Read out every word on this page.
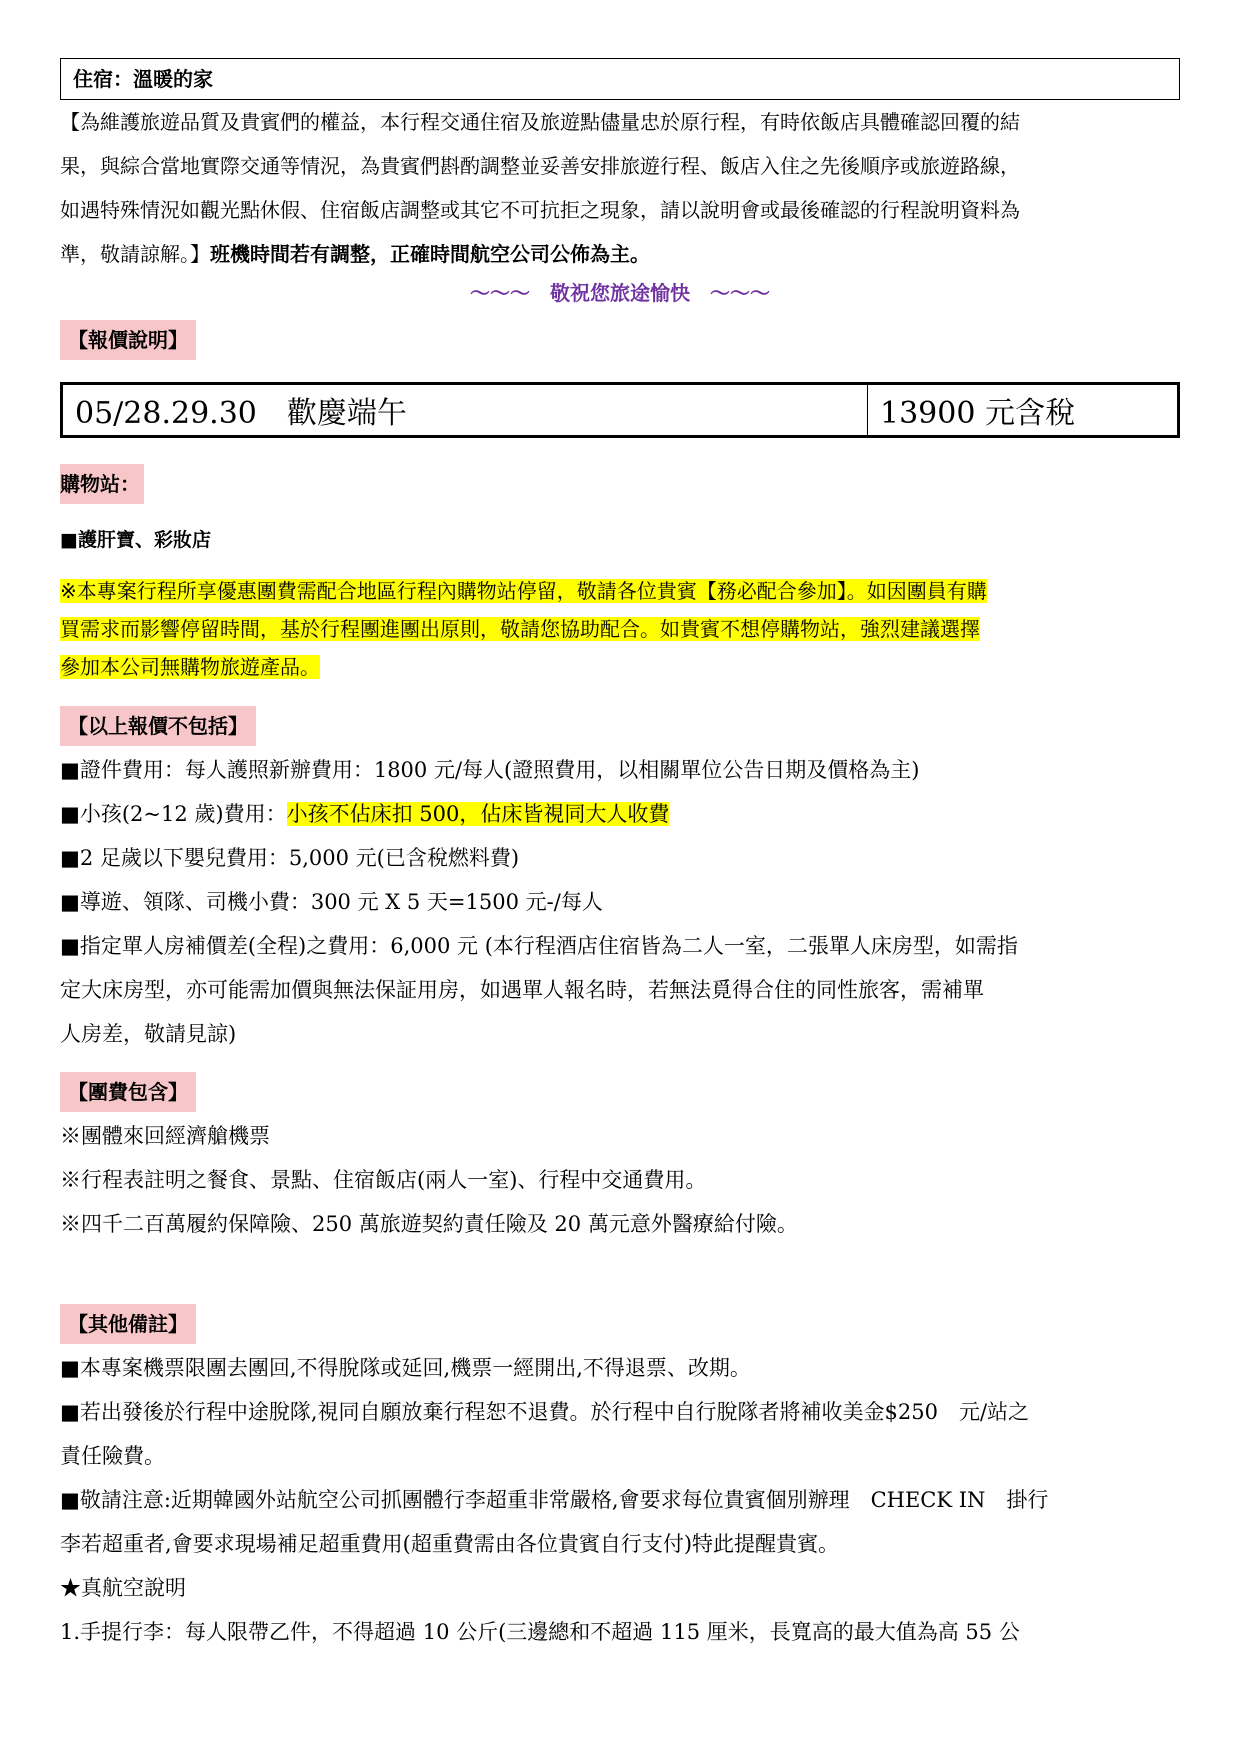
住宿：溫暖的家

【為維護旅遊品質及貴賓們的權益，本行程交通住宿及旅遊點儘量忠於原行程，有時依飯店具體確認回覆的結

果，與綜合當地實際交通等情況，為貴賓們斟酌調整並妥善安排旅遊行程、飯店入住之先後順序或旅遊路線，

如遇特殊情況如觀光點休假、住宿飯店調整或其它不可抗拒之現象，請以說明會或最後確認的行程說明資料為

準，敬請諒解。】班機時間若有調整，正確時間航空公司公佈為主。

～～～　敬祝您旅途愉快　～～～
【報價說明】
05/28.29.30　歡慶端午	13900 元含稅
購物站：

■護肝寶、彩妝店

※本專案行程所享優惠團費需配合地區行程內購物站停留，敬請各位貴賓【務必配合參加】。如因團員有購
買需求而影響停留時間，基於行程團進團出原則，敬請您協助配合。如貴賓不想停購物站，強烈建議選擇
參加本公司無購物旅遊產品。
【以上報價不包括】

■證件費用：每人護照新辦費用：1800 元/每人(證照費用，以相關單位公告日期及價格為主)

■小孩(2~12 歲)費用：小孩不佔床扣 500，佔床皆視同大人收費

■2 足歲以下嬰兒費用：5,000 元(已含稅燃料費)

■導遊、領隊、司機小費：300 元 X 5 天=1500 元-/每人

■指定單人房補價差(全程)之費用：6,000 元 (本行程酒店住宿皆為二人一室，二張單人床房型，如需指

定大床房型，亦可能需加價與無法保証用房，如遇單人報名時，若無法覓得合住的同性旅客，需補單

人房差，敬請見諒)

【團費包含】

※團體來回經濟艙機票

※行程表註明之餐食、景點、住宿飯店(兩人一室)、行程中交通費用。

※四千二百萬履約保障險、250 萬旅遊契約責任險及 20 萬元意外醫療給付險。

【其他備註】

■本專案機票限團去團回,不得脫隊或延回,機票一經開出,不得退票、改期。

■若出發後於行程中途脫隊,視同自願放棄行程恕不退費。於行程中自行脫隊者將補收美金$250　元/站之

責任險費。

■敬請注意:近期韓國外站航空公司抓團體行李超重非常嚴格,會要求每位貴賓個別辦理　CHECK IN　掛行

李若超重者,會要求現場補足超重費用(超重費需由各位貴賓自行支付)特此提醒貴賓。

★真航空說明

1.手提行李：每人限帶乙件，不得超過 10 公斤(三邊總和不超過 115 厘米，長寬高的最大值為高 55 公
